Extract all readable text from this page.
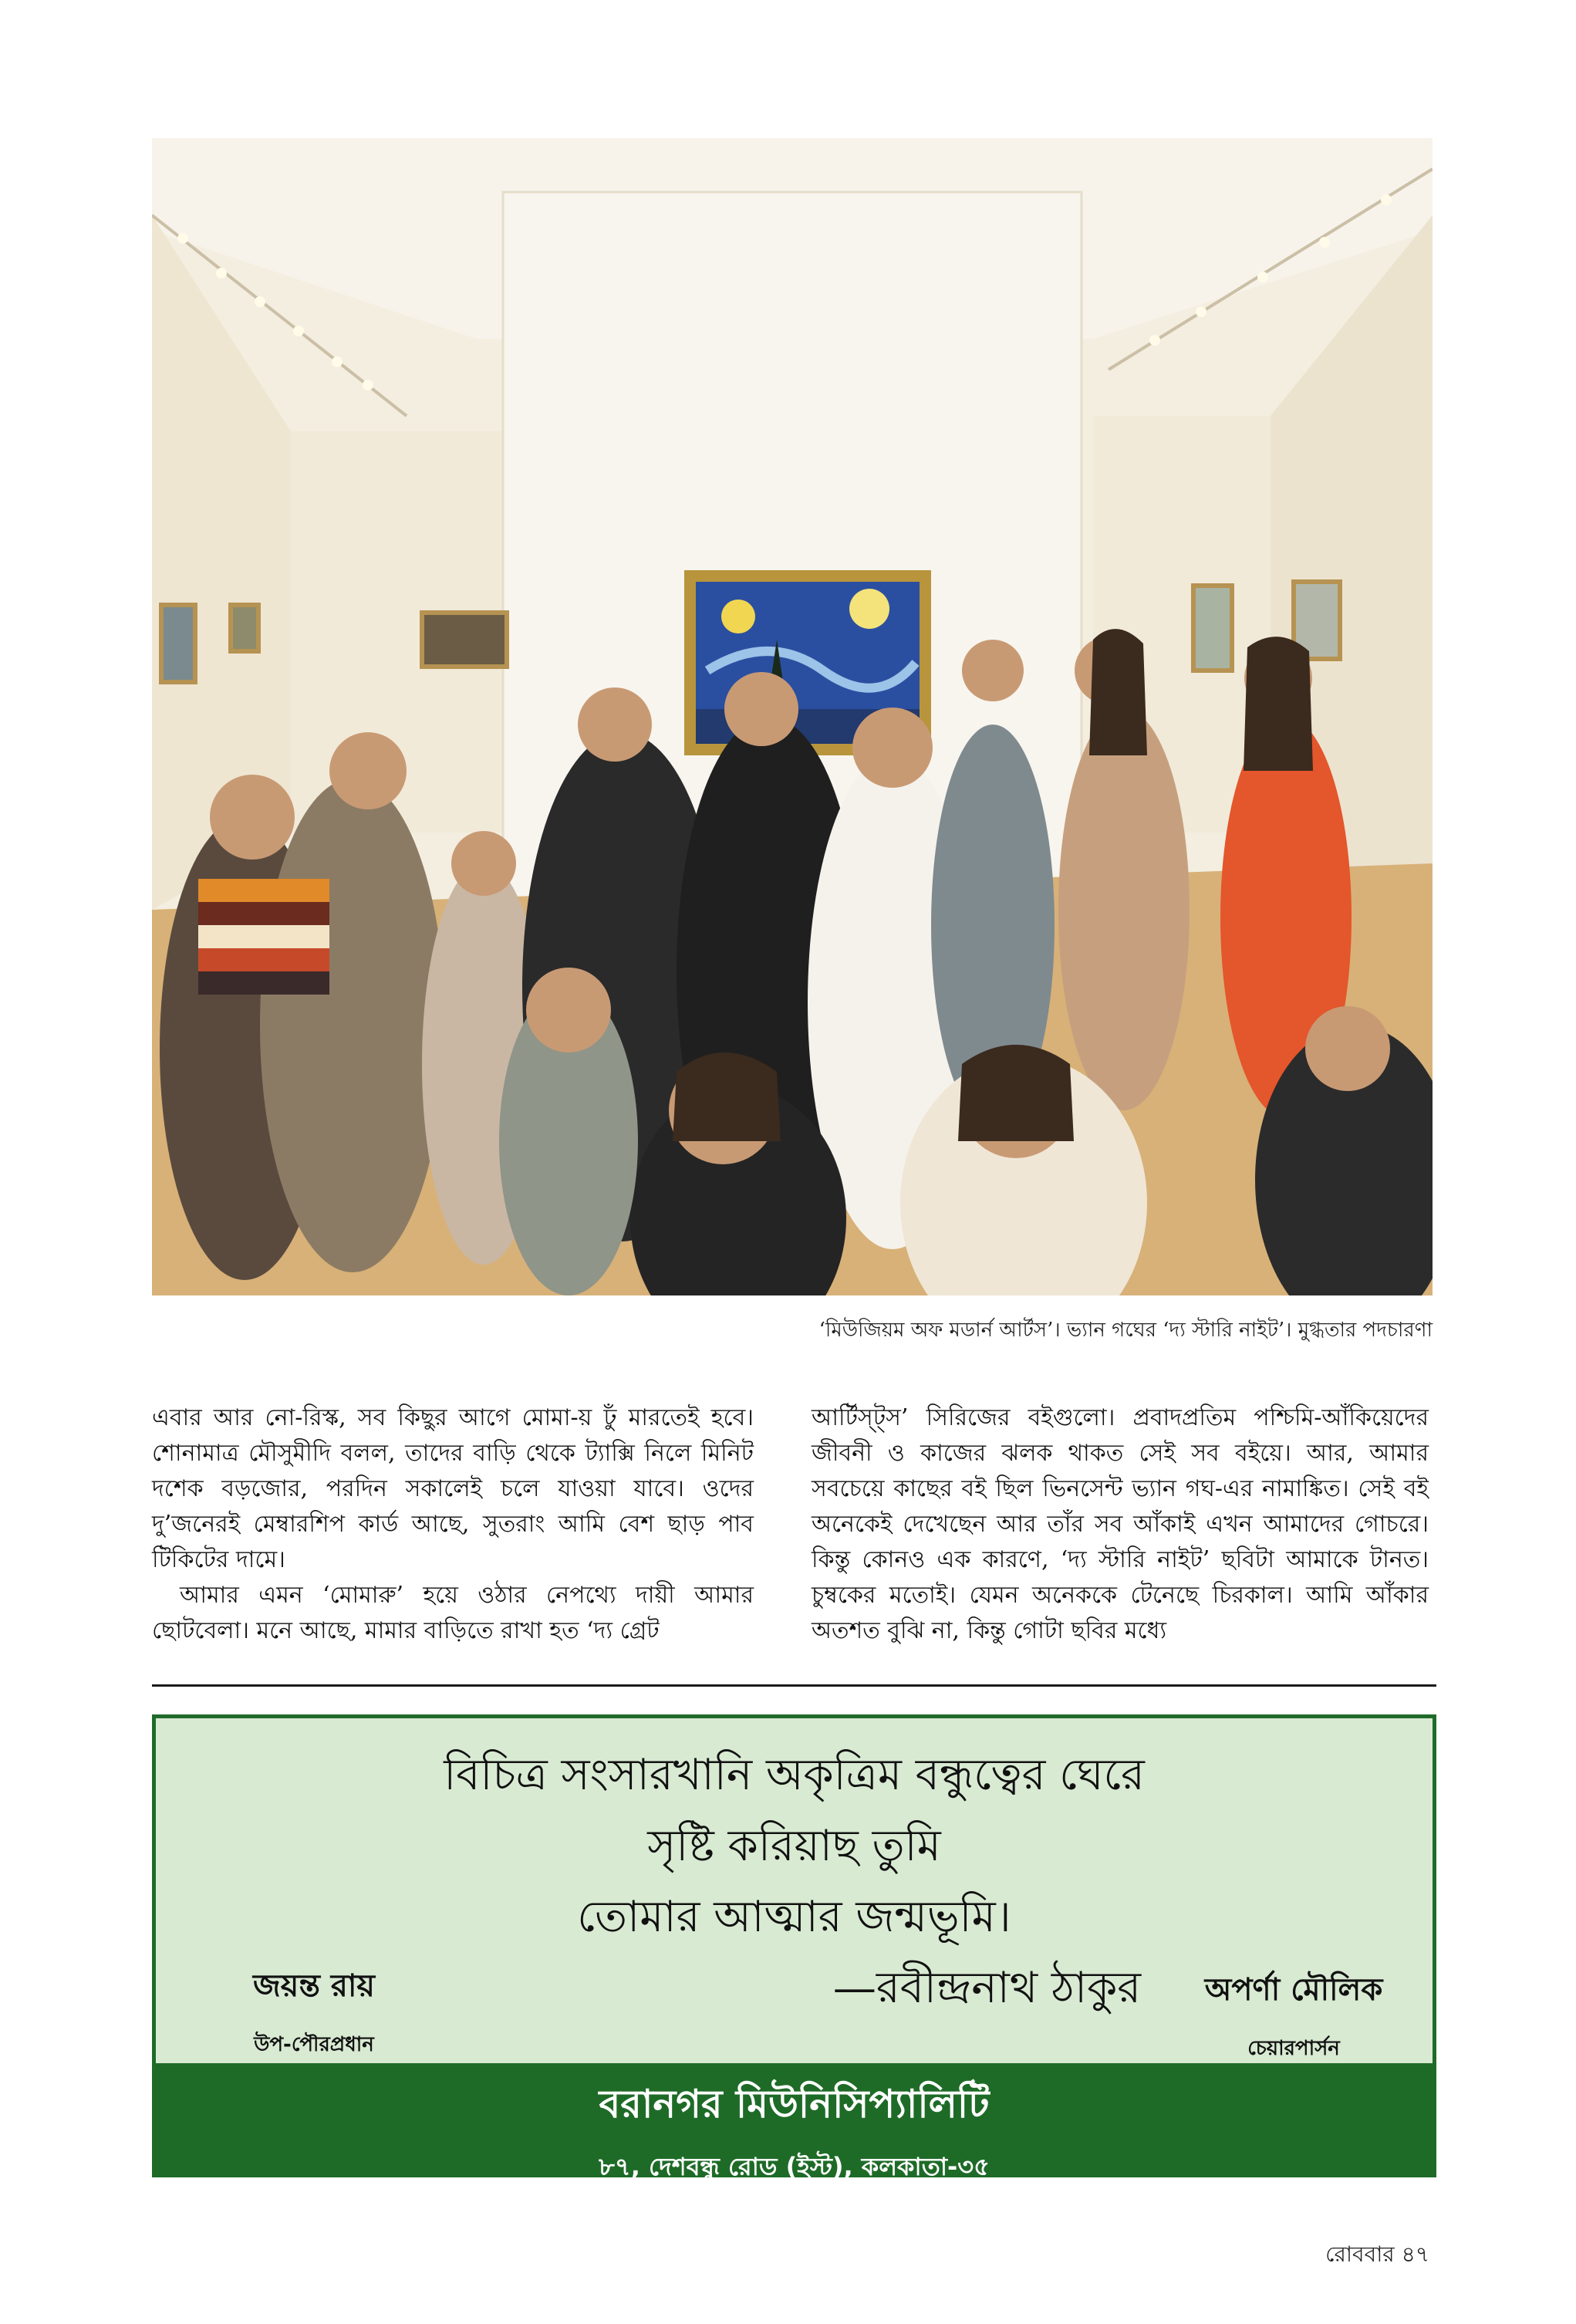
‘মিউজিয়ম অফ মডার্ন আর্টস’। ভ্যান গঘের ‘দ্য স্টারি নাইট’। মুগ্ধতার পদচারণা

এবার আর নো-রিস্ক, সব কিছুর আগে মোমা-য় ঢুঁ মারতেই হবে। শোনামাত্র মৌসুমীদি বলল, তাদের বাড়ি থেকে ট্যাক্সি নিলে মিনিট দশেক বড়জোর, পরদিন সকালেই চলে যাওয়া যাবে। ওদের দু’জনেরই মেম্বারশিপ কার্ড আছে, সুতরাং আমি বেশ ছাড় পাব টিকিটের দামে।

আমার এমন ‘মোমারু’ হয়ে ওঠার নেপথ্যে দায়ী আমার ছোটবেলা। মনে আছে, মামার বাড়িতে রাখা হত ‘দ্য গ্রেট

আর্টিস্ট্স’ সিরিজের বইগুলো। প্রবাদপ্রতিম পশ্চিমি-আঁকিয়েদের জীবনী ও কাজের ঝলক থাকত সেই সব বইয়ে। আর, আমার সবচেয়ে কাছের বই ছিল ভিনসেন্ট ভ্যান গঘ-এর নামাঙ্কিত। সেই বই অনেকেই দেখেছেন আর তাঁর সব আঁকাই এখন আমাদের গোচরে। কিন্তু কোনও এক কারণে, ‘দ্য স্টারি নাইট’ ছবিটা আমাকে টানত। চুম্বকের মতোই। যেমন অনেককে টেনেছে চিরকাল। আমি আঁকার অতশত বুঝি না, কিন্তু গোটা ছবির মধ্যে

বিচিত্র সংসারখানি অকৃত্রিম বন্ধুত্বের ঘেরে
সৃষ্টি করিয়াছ তুমি
তোমার আত্মার জন্মভূমি।
—রবীন্দ্রনাথ ঠাকুর
জয়ন্ত রায়
উপ-পৌরপ্রধান
অপর্ণা মৌলিক
চেয়ারপার্সন
বরানগর মিউনিসিপ্যালিটি
৮৭, দেশবন্ধু রোড (ইস্ট), কলকাতা-৩৫
রোববার ৪৭
